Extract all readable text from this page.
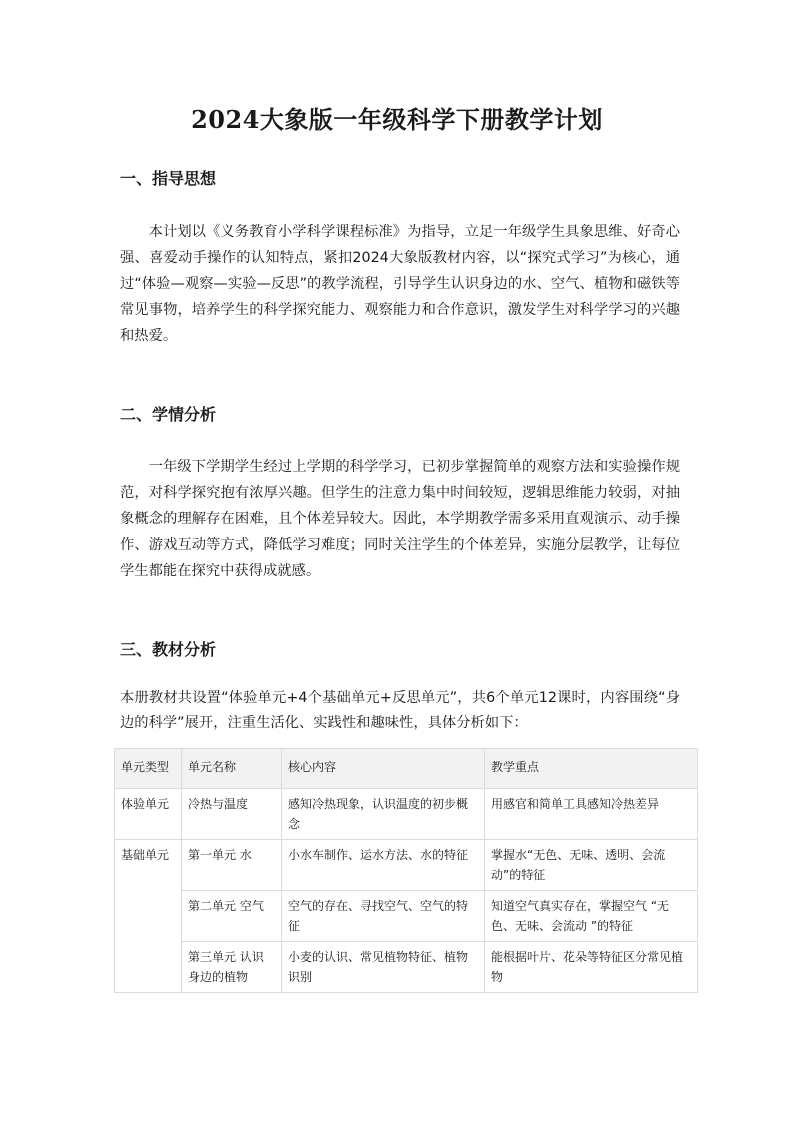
2024大象版一年级科学下册教学计划
一、指导思想

本计划以《义务教育小学科学课程标准》为指导，立足一年级学生具象思维、好奇心强、喜爱动手操作的认知特点，紧扣2024大象版教材内容，以“探究式学习”为核心，通过“体验—观察—实验—反思”的教学流程，引导学生认识身边的水、空气、植物和磁铁等常见事物，培养学生的科学探究能力、观察能力和合作意识，激发学生对科学学习的兴趣和热爱。

二、学情分析

一年级下学期学生经过上学期的科学学习，已初步掌握简单的观察方法和实验操作规范，对科学探究抱有浓厚兴趣。但学生的注意力集中时间较短，逻辑思维能力较弱，对抽象概念的理解存在困难，且个体差异较大。因此，本学期教学需多采用直观演示、动手操作、游戏互动等方式，降低学习难度；同时关注学生的个体差异，实施分层教学，让每位学生都能在探究中获得成就感。

三、教材分析

本册教材共设置“体验单元+4个基础单元+反思单元”，共6个单元12课时，内容围绕“身边的科学”展开，注重生活化、实践性和趣味性，具体分析如下：

单元类型	单元名称	核心内容	教学重点
体验单元	冷热与温度	感知冷热现象，认识温度的初步概念	用感官和简单工具感知冷热差异
基础单元	第一单元 水	小水车制作、运水方法、水的特征	掌握水“无色、无味、透明、会流动”的特征
	第二单元 空气	空气的存在、寻找空气、空气的特征	知道空气真实存在，掌握空气 “无色、无味、会流动 ”的特征
	第三单元 认识身边的植物	小麦的认识、常见植物特征、植物识别	能根据叶片、花朵等特征区分常见植物
